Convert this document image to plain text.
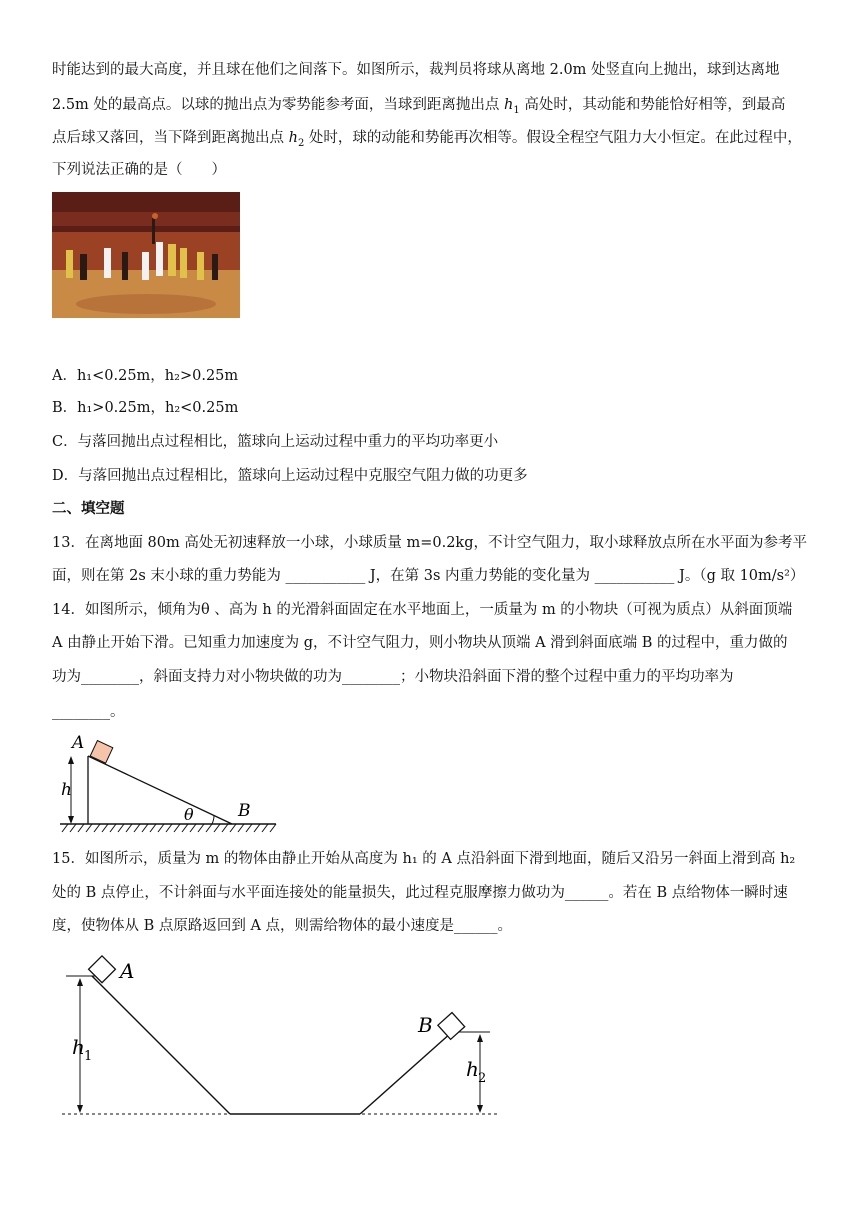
时能达到的最大高度，并且球在他们之间落下。如图所示，裁判员将球从离地 2.0m 处竖直向上抛出，球到达离地
2.5m 处的最高点。以球的抛出点为零势能参考面，当球到距离抛出点 $h_1$ 高处时，其动能和势能恰好相等，到最高
点后球又落回，当下降到距离抛出点 $h_2$ 处时，球的动能和势能再次相等。假设全程空气阻力大小恒定。在此过程中，
下列说法正确的是（　　）
A．h₁<0.25m，h₂>0.25m
B．h₁>0.25m，h₂<0.25m
C．与落回抛出点过程相比，篮球向上运动过程中重力的平均功率更小
D．与落回抛出点过程相比，篮球向上运动过程中克服空气阻力做的功更多
二、填空题
13．在离地面 80m 高处无初速释放一小球，小球质量 m=0.2kg，不计空气阻力，取小球释放点所在水平面为参考平
面，则在第 2s 末小球的重力势能为 ___________ J，在第 3s 内重力势能的变化量为 ___________ J。（g 取 10m/s²）
14．如图所示，倾角为θ 、高为 h 的光滑斜面固定在水平地面上，一质量为 m 的小物块（可视为质点）从斜面顶端
A 由静止开始下滑。已知重力加速度为 g，不计空气阻力，则小物块从顶端 A 滑到斜面底端 B 的过程中，重力做的
功为________，斜面支持力对小物块做的功为________；小物块沿斜面下滑的整个过程中重力的平均功率为
________。
A
h
θ	B
15．如图所示，质量为 m 的物体由静止开始从高度为 h₁ 的 A 点沿斜面下滑到地面，随后又沿另一斜面上滑到高 h₂
处的 B 点停止，不计斜面与水平面连接处的能量损失，此过程克服摩擦力做功为______。若在 B 点给物体一瞬时速
度，使物体从 B 点原路返回到 A 点，则需给物体的最小速度是______。
A
B
h 1
h 2
